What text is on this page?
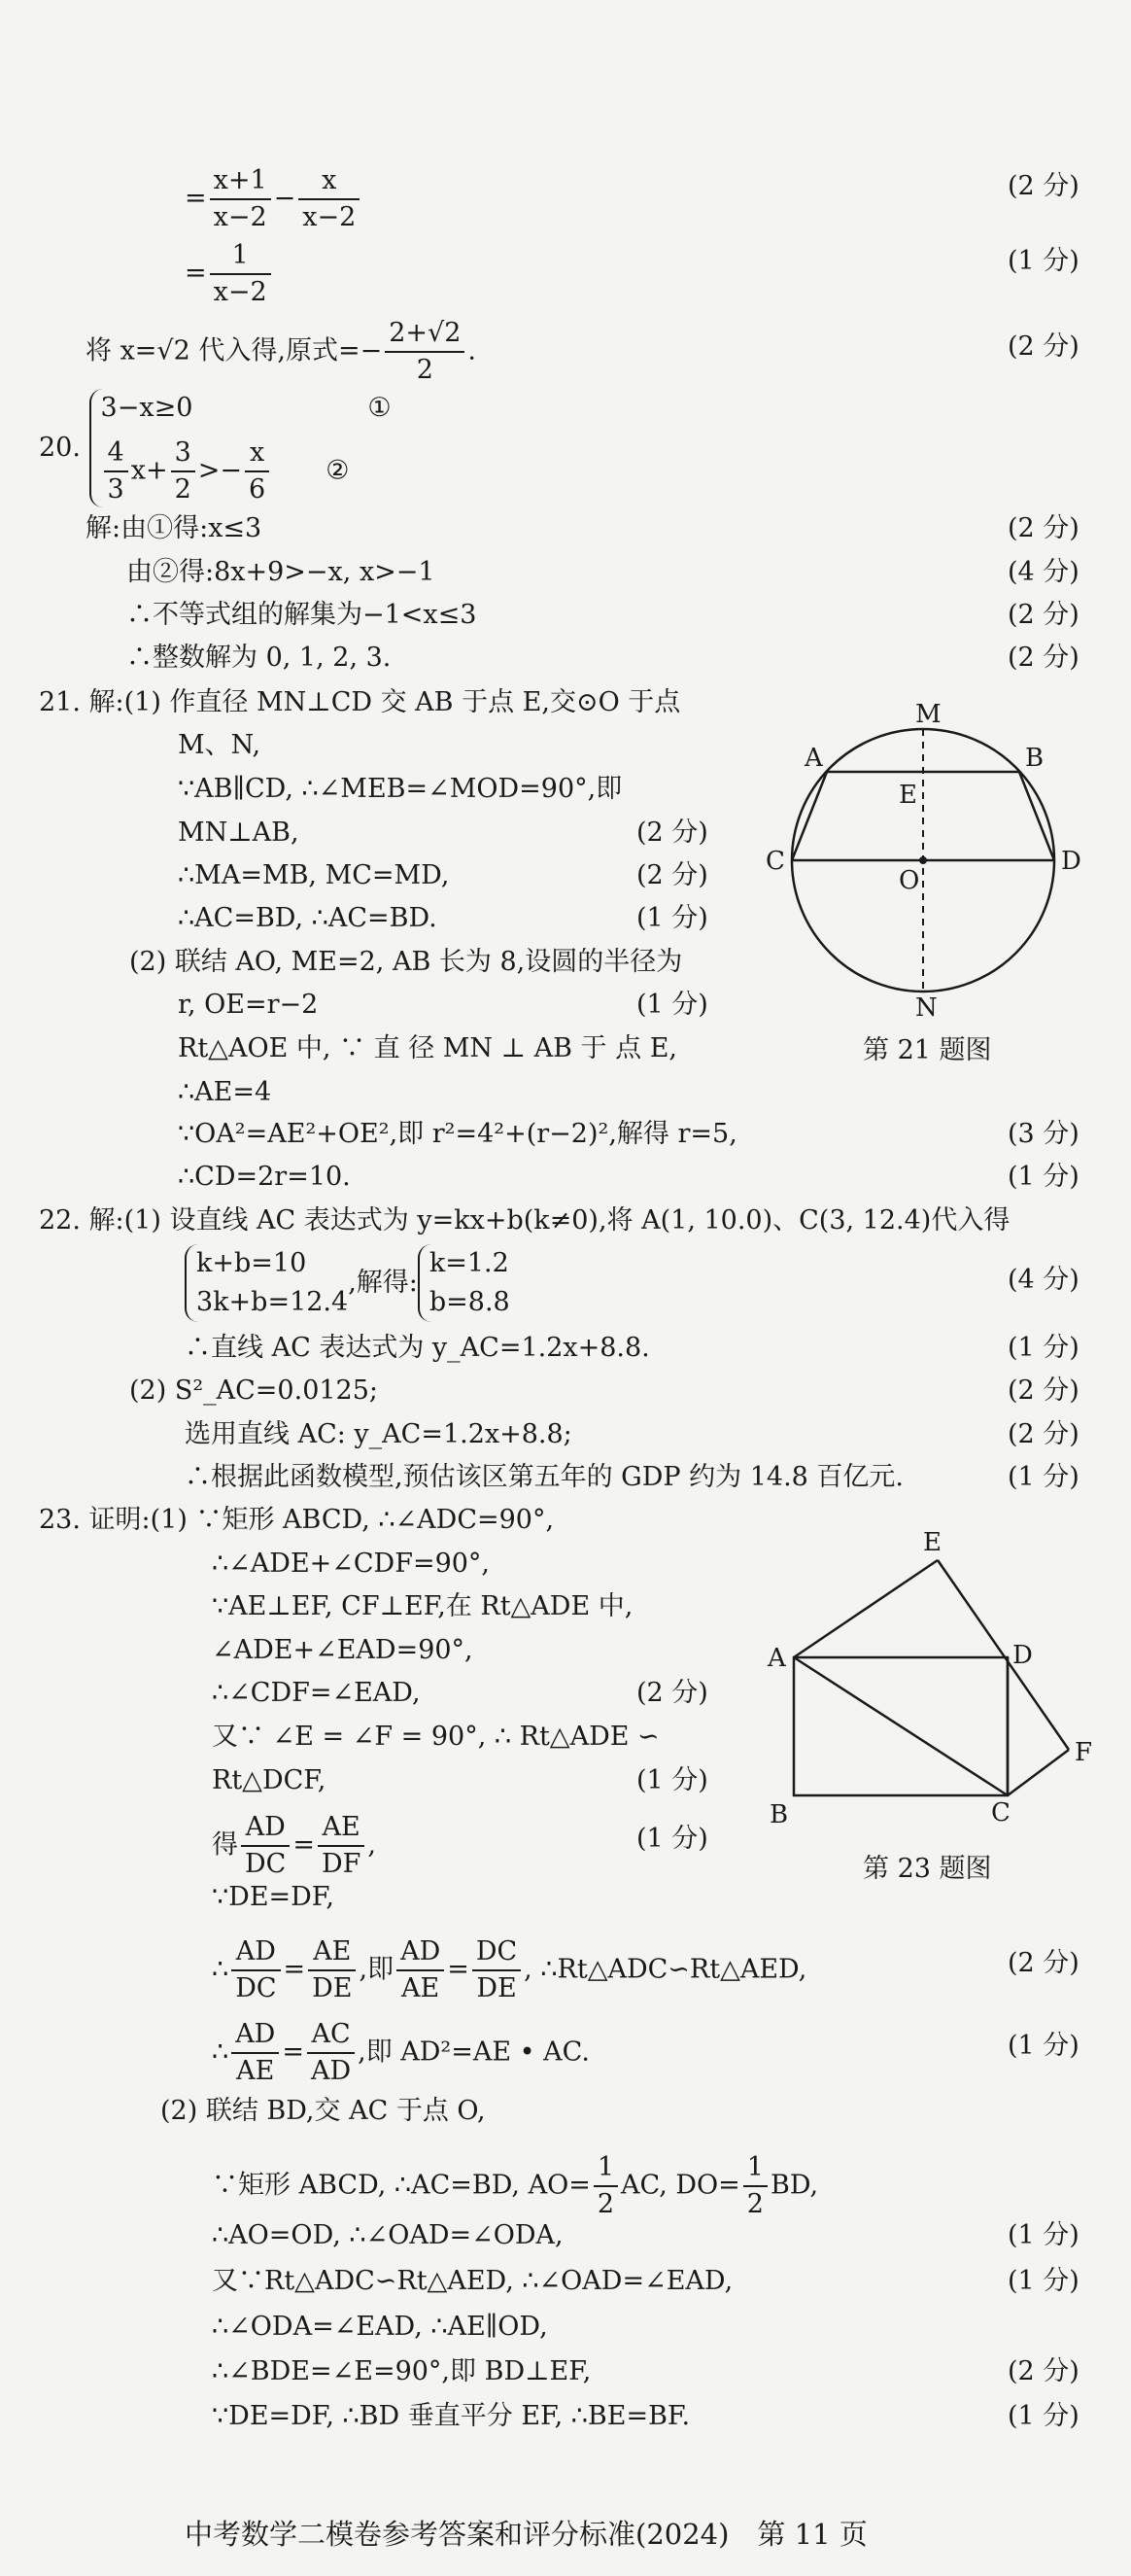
= $\frac{x+1}{x-2} - \frac{x}{x-2}$	(2 分)
= $\frac{1}{x-2}$	(1 分)
将 x=√2 代入得,原式=− $\frac{2+√2}{2}$ .	(2 分)
20.
3−x≥0	①
$\frac{4}{3} x+ \frac{3}{2} >- \frac{x}{6}$ ②
解:由①得:x≤3	(2 分)
由②得:8x+9>−x, x>−1	(4 分)
∴不等式组的解集为−1<x≤3	(2 分)
∴整数解为 0, 1, 2, 3.	(2 分)
21. 解:(1) 作直径 MN⊥CD 交 AB 于点 E,交⊙O 于点
M、N,
∵AB∥CD, ∴∠MEB=∠MOD=90°,即
MN⊥AB,	(2 分)
∴MA=MB, MC=MD,	(2 分)
∴AC=BD, ∴AC=BD.	(1 分)
(2) 联结 AO, ME=2, AB 长为 8,设圆的半径为
r, OE=r−2	(1 分)
Rt△AOE 中, ∵ 直 径 MN ⊥ AB 于 点 E,
∴AE=4
∵OA²=AE²+OE²,即 r²=4²+(r−2)²,解得 r=5,	(3 分)
∴CD=2r=10.	(1 分)
M
N
A	B
C	D
E
O
第 21 题图
22. 解:(1) 设直线 AC 表达式为 y=kx+b(k≠0),将 A(1, 10.0)、C(3, 12.4)代入得
k+b=10
3k+b=12.4
,解得:
k=1.2
b=8.8
(4 分)
∴直线 AC 表达式为 y_AC=1.2x+8.8.	(1 分)
(2) S²_AC=0.0125;	(2 分)
选用直线 AC: y_AC=1.2x+8.8;	(2 分)
∴根据此函数模型,预估该区第五年的 GDP 约为 14.8 百亿元.	(1 分)
23. 证明:(1) ∵矩形 ABCD, ∴∠ADC=90°,
∴∠ADE+∠CDF=90°,
∵AE⊥EF, CF⊥EF,在 Rt△ADE 中,
∠ADE+∠EAD=90°,
∴∠CDF=∠EAD,	(2 分)
又∵ ∠E = ∠F = 90°, ∴ Rt△ADE ∽
Rt△DCF,	(1 分)
得 $\frac{AD}{DC} = \frac{AE}{DF}$ ,	(1 分)
A
B	C
D
E
F
第 23 题图
∵DE=DF,
∴ $\frac{AD}{DC} = \frac{AE}{DE}$ ,即 $\frac{AD}{AE} = \frac{DC}{DE}$ , ∴Rt△ADC∽Rt△AED,	(2 分)
∴ $\frac{AD}{AE} = \frac{AC}{AD}$ ,即 AD²=AE • AC.	(1 分)
(2) 联结 BD,交 AC 于点 O,
∵矩形 ABCD, ∴AC=BD, $AO= \frac{1}{2}$ AC, $DO= \frac{1}{2}$ BD,
∴AO=OD, ∴∠OAD=∠ODA,	(1 分)
又∵Rt△ADC∽Rt△AED, ∴∠OAD=∠EAD,	(1 分)
∴∠ODA=∠EAD, ∴AE∥OD,
∴∠BDE=∠E=90°,即 BD⊥EF,	(2 分)
∵DE=DF, ∴BD 垂直平分 EF, ∴BE=BF.	(1 分)
中考数学二模卷参考答案和评分标准(2024)　第 11 页
